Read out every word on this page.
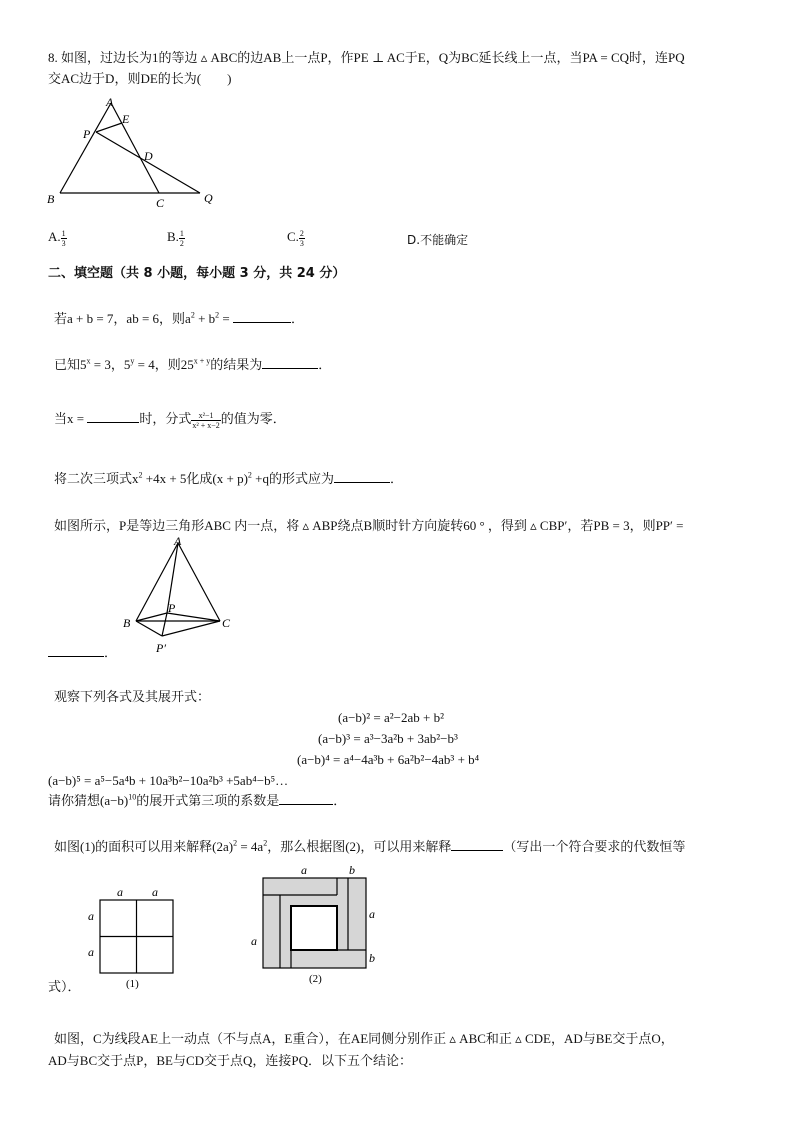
8. 如图，过边长为1的等边 ▵ ABC的边AB上一点P，作PE ⊥ AC于E，Q为BC延长线上一点，当PA = CQ时，连PQ
交AC边于D，则DE的长为(　　)
A
E
P
D
B	C	Q
A. $\frac{1}{3}$	B. $\frac{1}{2}$	C. $\frac{2}{3}$	D.不能确定
二、填空题（共 8 小题，每小题 3 分，共 24 分）
若a + b = 7，ab = 6，则$a^2 + b^2$ =	．
已知$5^x = 3$，$5^y = 4$，则$25^{x + y}$的结果为	．
当x =	时，分式 $\frac{\text{x²−1}}{\text{x² + x−2}}$ 的值为零．
将二次三项式$x^2 +4x + 5$化成$(x + p)^2 +q$的形式应为	．
如图所示，P是等边三角形ABC 内一点，将 ▵ ABP绕点B顺时针方向旋转60 ° ，得到 ▵ CBP′，若PB = 3，则PP′ =
A
P
B	C
P′
．
观察下列各式及其展开式：
(a−b)² = a²−2ab + b²
(a−b)³ = a³−3a²b + 3ab²−b³
(a−b)⁴ = a⁴−4a³b + 6a²b²−4ab³ + b⁴
(a−b)⁵ = a⁵−5a⁴b + 10a³b²−10a²b³ +5ab⁴−b⁵…
请你猜想$(a-b)^{10}$的展开式第三项的系数是	．
如图(1)的面积可以用来解释$(2a)^2 = 4a^2$，那么根据图(2)，可以用来解释	（写出一个符合要求的代数恒等
a a
a
a
(1)
a	b
a
b
a
(2)
式）．
如图，C为线段AE上一动点（不与点A，E重合），在AE同侧分别作正 ▵ ABC和正 ▵ CDE，AD与BE交于点O，
AD与BC交于点P，BE与CD交于点Q，连接PQ．以下五个结论：
